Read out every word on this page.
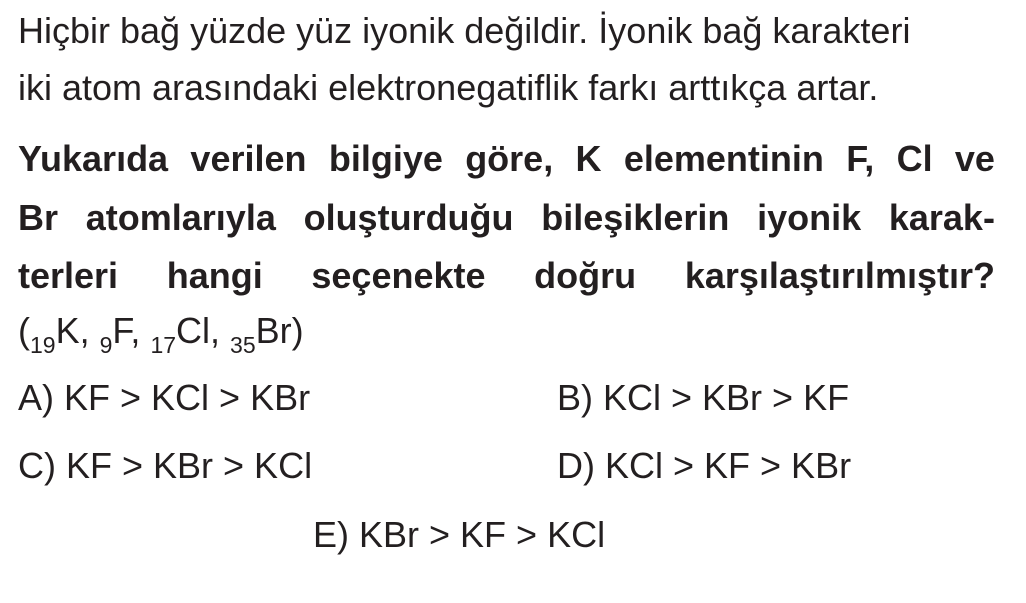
Hiçbir bağ yüzde yüz iyonik değildir. İyonik bağ karakteri
iki atom arasındaki elektronegatiflik farkı arttıkça artar.
Yukarıda verilen bilgiye göre, K elementinin F, Cl ve
Br atomlarıyla oluşturduğu bileşiklerin iyonik karak-
terleri hangi seçenekte doğru karşılaştırılmıştır?
($_{19}K$, $_9$F, $_{17}$Cl, $_{35}$Br)
A) KF > KCl > KBr	B) KCl > KBr > KF
C) KF > KBr > KCl	D) KCl > KF > KBr
E) KBr > KF > KCl
